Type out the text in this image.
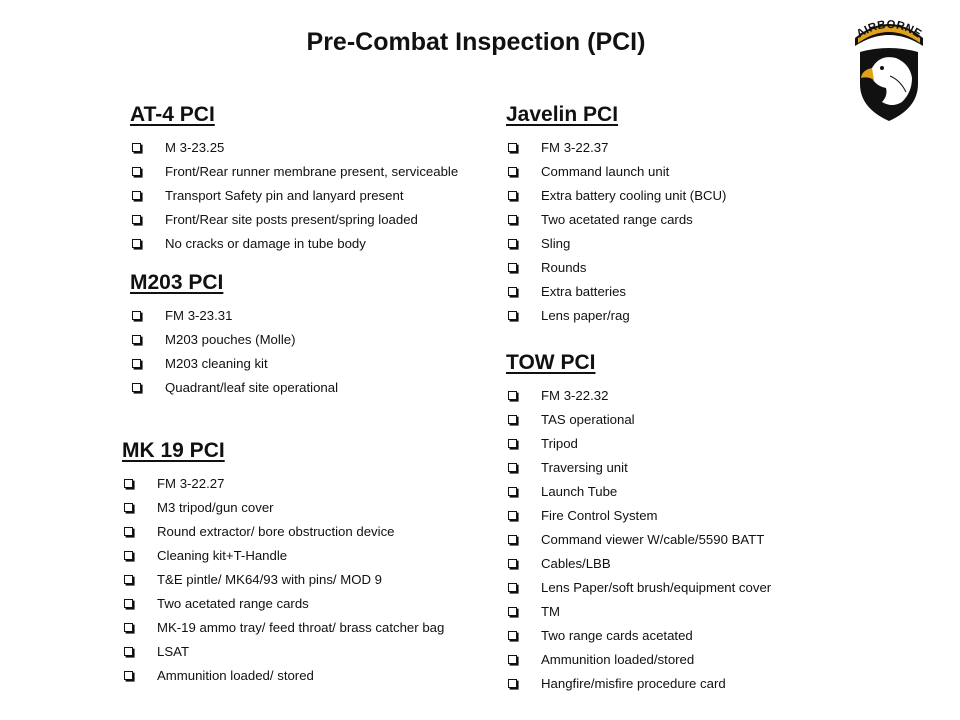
Pre-Combat Inspection (PCI)	AIRBORNE
AT-4 PCI
M 3-23.25
Front/Rear runner membrane present, serviceable
Transport Safety pin and lanyard present
Front/Rear site posts present/spring loaded
No cracks or damage in tube body
M203 PCI
FM 3-23.31
M203 pouches (Molle)
M203 cleaning kit
Quadrant/leaf site operational
MK 19 PCI
FM 3-22.27
M3 tripod/gun cover
Round extractor/ bore obstruction device
Cleaning kit+T-Handle
T&E pintle/ MK64/93 with pins/ MOD 9
Two acetated range cards
MK-19 ammo tray/ feed throat/ brass catcher bag
LSAT
Ammunition loaded/ stored
Javelin PCI
FM 3-22.37
Command launch unit
Extra battery cooling unit (BCU)
Two acetated range cards
Sling
Rounds
Extra batteries
Lens paper/rag
TOW PCI
FM 3-22.32
TAS operational
Tripod
Traversing unit
Launch Tube
Fire Control System
Command viewer W/cable/5590 BATT
Cables/LBB
Lens Paper/soft brush/equipment cover
TM
Two range cards acetated
Ammunition loaded/stored
Hangfire/misfire procedure card
